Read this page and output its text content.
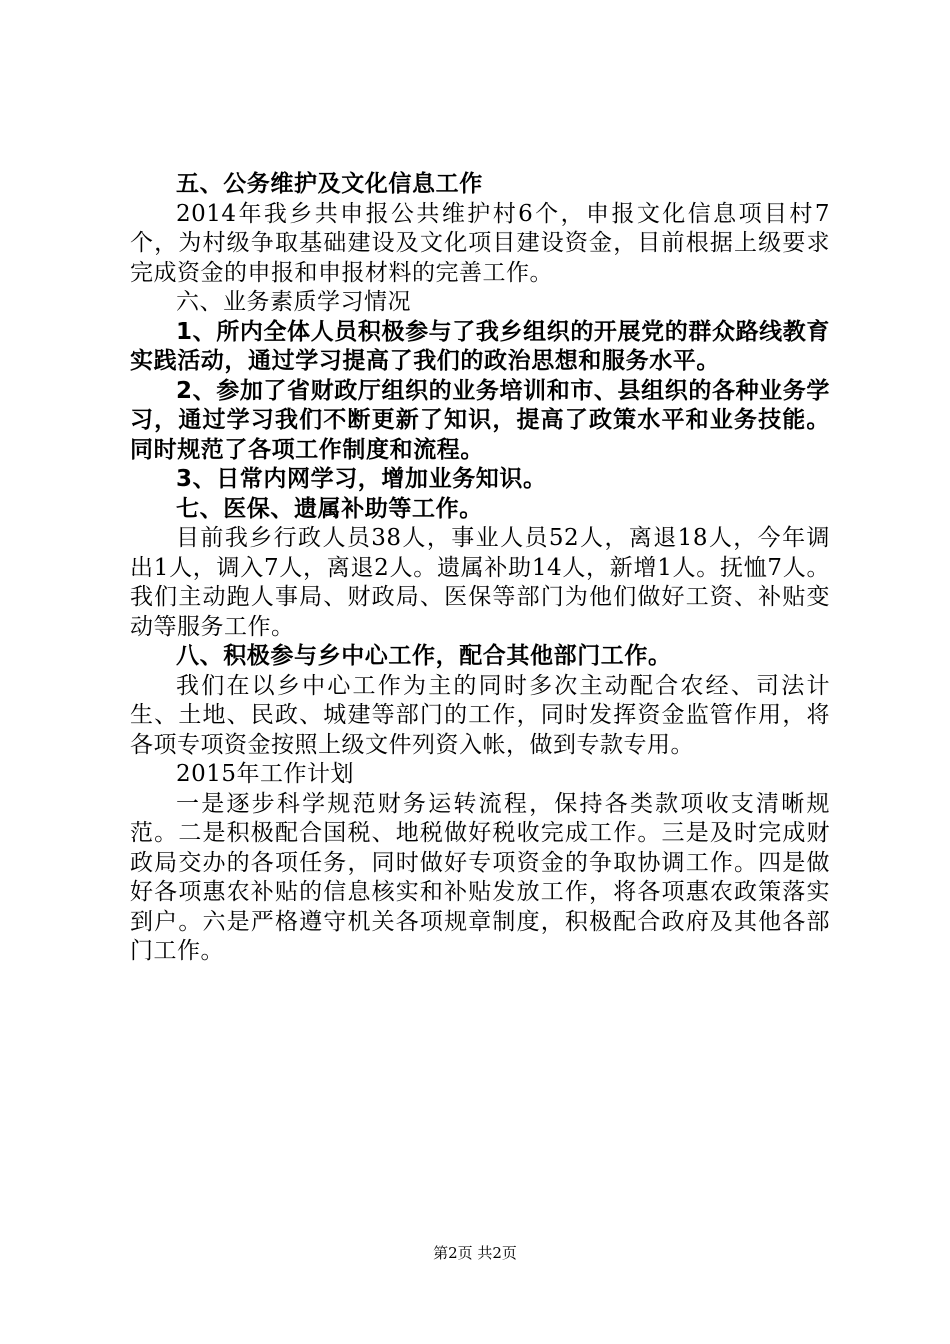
五、公务维护及文化信息工作

2014年我乡共申报公共维护村6个，申报文化信息项目村7个，为村级争取基础建设及文化项目建设资金，目前根据上级要求完成资金的申报和申报材料的完善工作。

六、业务素质学习情况

1、所内全体人员积极参与了我乡组织的开展党的群众路线教育实践活动，通过学习提高了我们的政治思想和服务水平。

2、参加了省财政厅组织的业务培训和市、县组织的各种业务学习，通过学习我们不断更新了知识，提高了政策水平和业务技能。同时规范了各项工作制度和流程。

3、日常内网学习，增加业务知识。

七、医保、遗属补助等工作。

目前我乡行政人员38人，事业人员52人，离退18人，今年调出1人，调入7人，离退2人。遗属补助14人，新增1人。抚恤7人。我们主动跑人事局、财政局、医保等部门为他们做好工资、补贴变动等服务工作。

八、积极参与乡中心工作，配合其他部门工作。

我们在以乡中心工作为主的同时多次主动配合农经、司法计生、土地、民政、城建等部门的工作，同时发挥资金监管作用，将各项专项资金按照上级文件列资入帐，做到专款专用。

2015年工作计划

一是逐步科学规范财务运转流程，保持各类款项收支清晰规范。二是积极配合国税、地税做好税收完成工作。三是及时完成财政局交办的各项任务，同时做好专项资金的争取协调工作。四是做好各项惠农补贴的信息核实和补贴发放工作，将各项惠农政策落实到户。六是严格遵守机关各项规章制度，积极配合政府及其他各部门工作。

第2页 共2页
